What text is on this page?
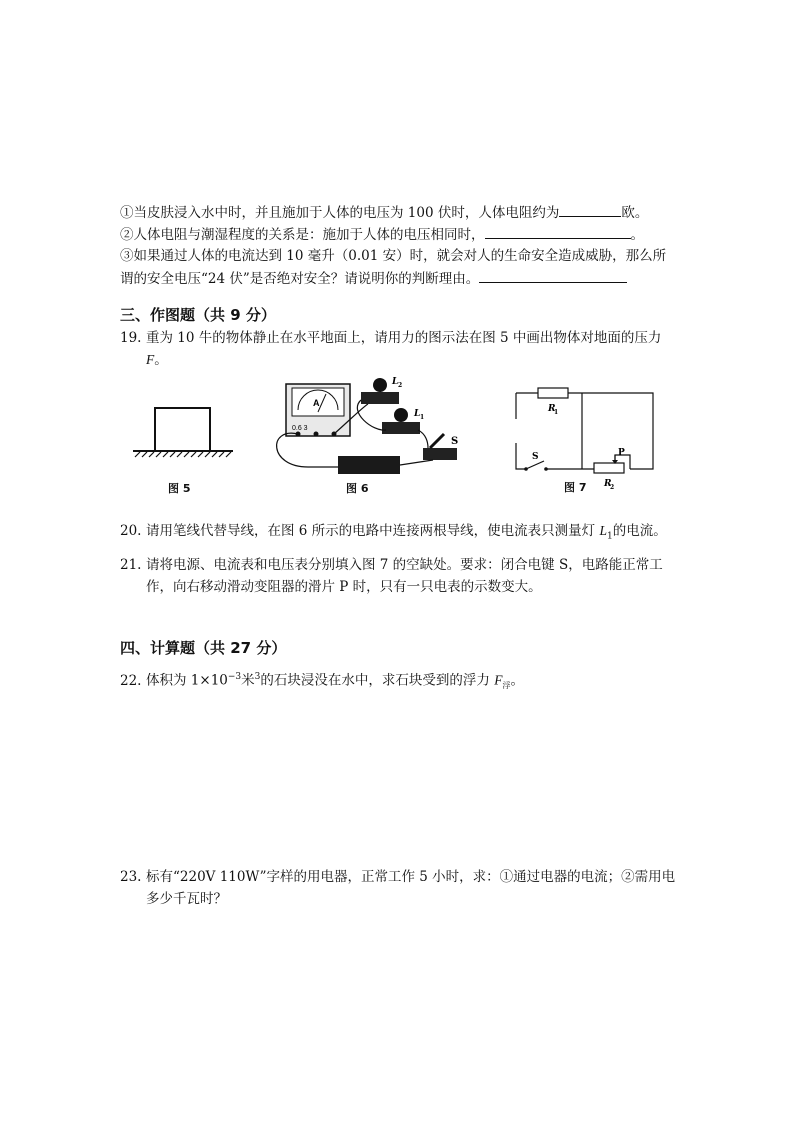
①当皮肤浸入水中时，并且施加于人体的电压为 100 伏时，人体电阻约为	欧。
②人体电阻与潮湿程度的关系是：施加于人体的电压相同时，	。
③如果通过人体的电流达到 10 毫升（0.01 安）时，就会对人的生命安全造成威胁，那么所
谓的安全电压“24 伏”是否绝对安全？请说明你的判断理由。
三、作图题（共 9 分）
19. 重为 10 牛的物体静止在水平地面上，请用力的图示法在图 5 中画出物体对地面的压力
F。
图 5
A
0.6 3
L 2
L 1
S
图 6
R
1
S	P
R
2
图 7
20. 请用笔线代替导线，在图 6 所示的电路中连接两根导线，使电流表只测量灯 $L_1$的电流。
21. 请将电源、电流表和电压表分别填入图 7 的空缺处。要求：闭合电键 S，电路能正常工
作，向右移动滑动变阻器的滑片 P 时，只有一只电表的示数变大。
四、计算题（共 27 分）
22. 体积为 $1\times 10^{-3}$米$^3$的石块浸没在水中，求石块受到的浮力 $F_浮$。
23. 标有“220V 110W”字样的用电器，正常工作 5 小时，求：①通过电器的电流；②需用电
多少千瓦时？
